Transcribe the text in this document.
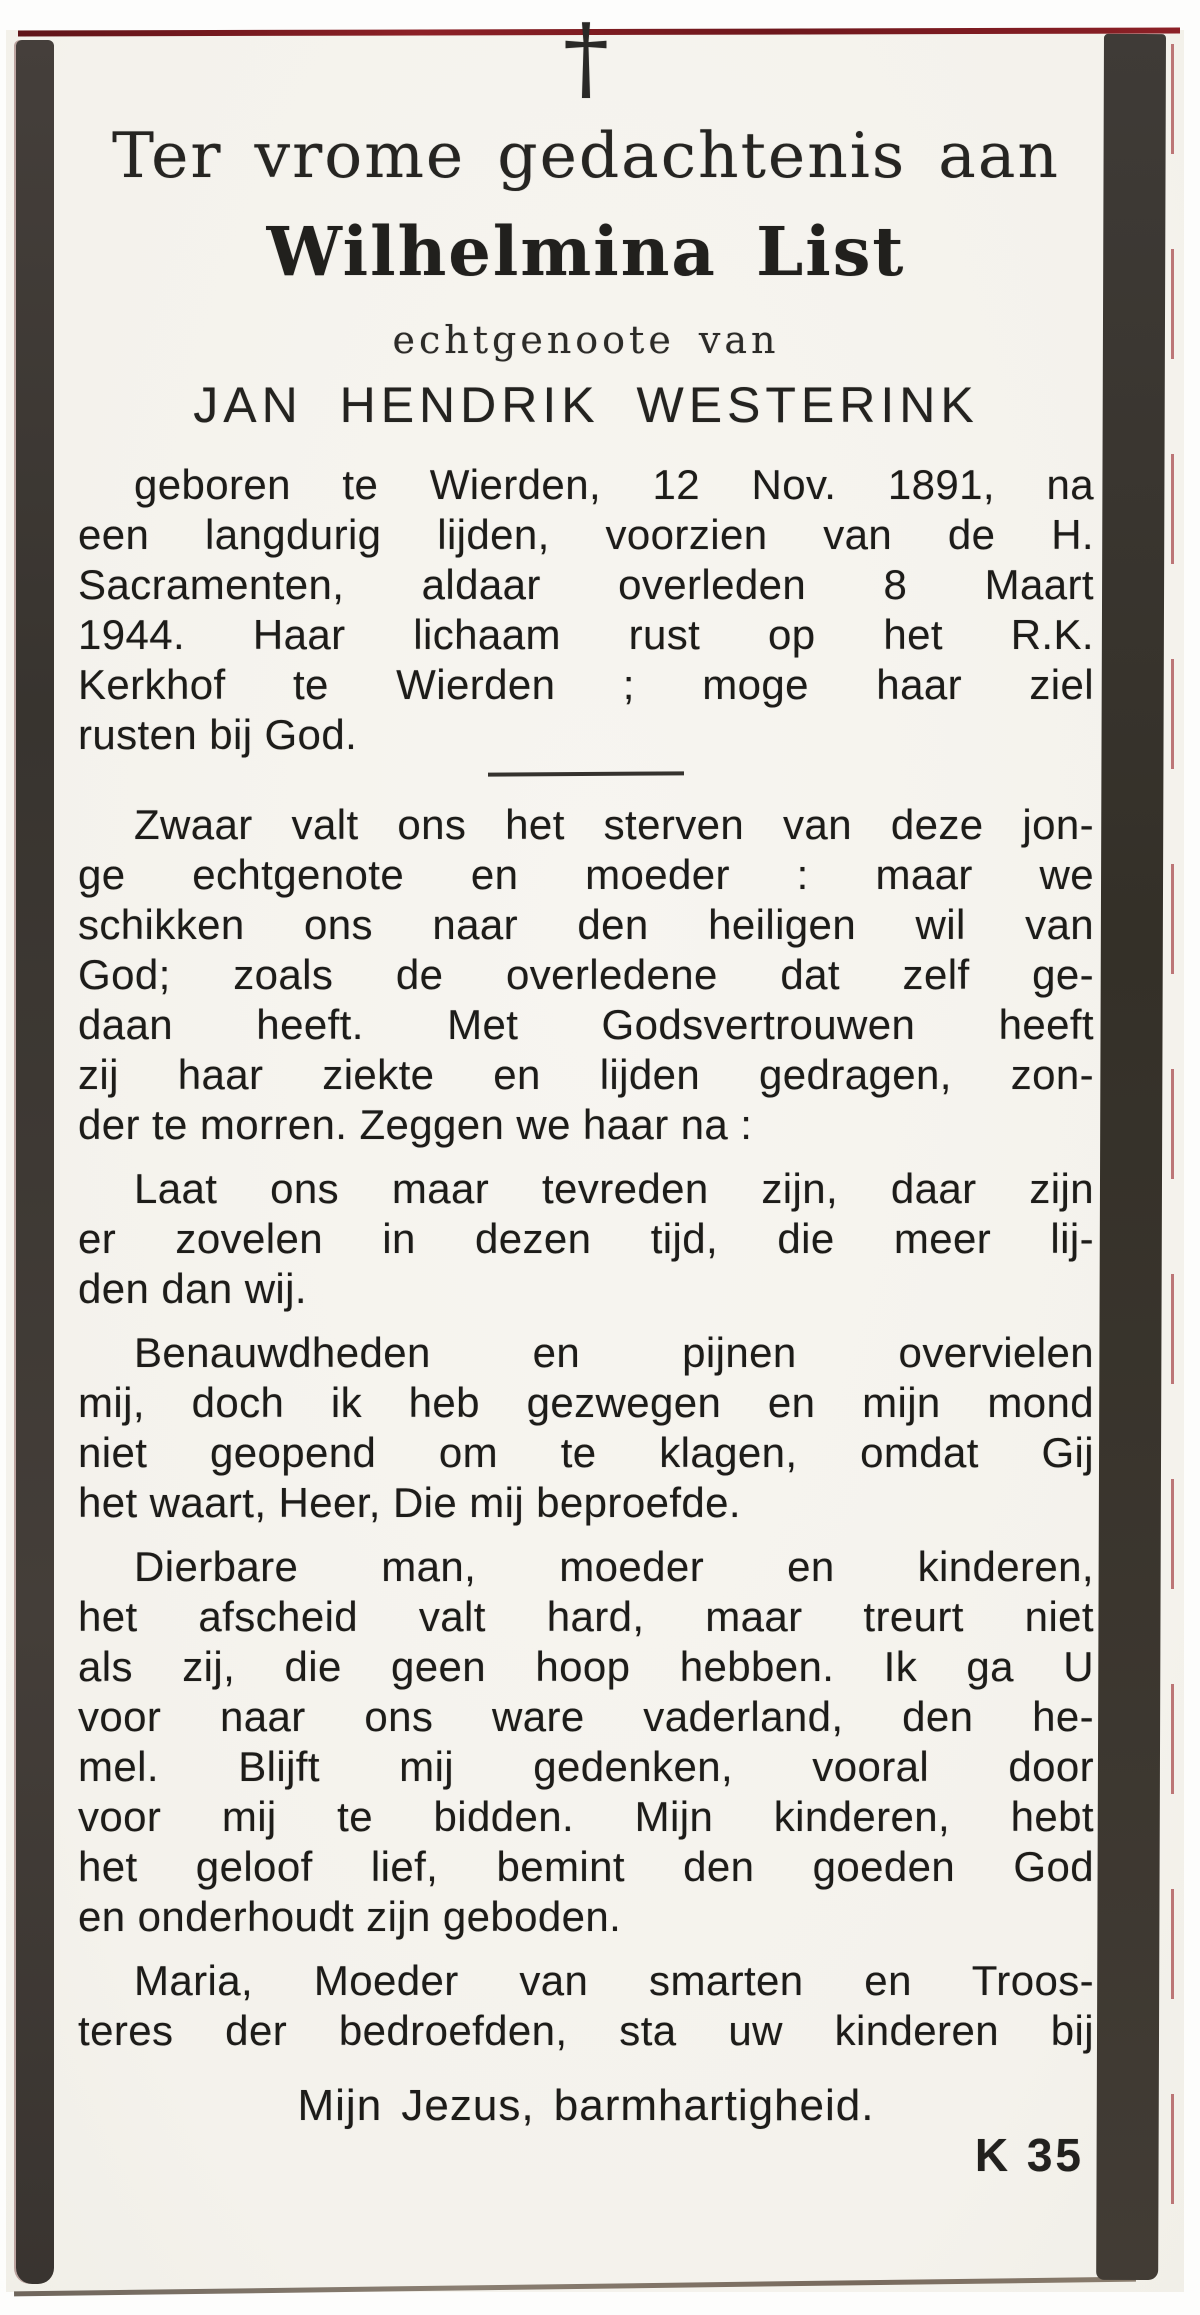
†
Ter vrome gedachtenis aan
Wilhelmina List
echtgenoote van
JAN HENDRIK WESTERINK
geboren te Wierden, 12 Nov. 1891, na
een langdurig lijden, voorzien van de H.
Sacramenten, aldaar overleden 8 Maart
1944. Haar lichaam rust op het R.K.
Kerkhof te Wierden ; moge haar ziel
rusten bij God.
Zwaar valt ons het sterven van deze jon-
ge echtgenote en moeder : maar we
schikken ons naar den heiligen wil van
God; zoals de overledene dat zelf ge-
daan heeft. Met Godsvertrouwen heeft
zij haar ziekte en lijden gedragen, zon-
der te morren. Zeggen we haar na :
Laat ons maar tevreden zijn, daar zijn
er zovelen in dezen tijd, die meer lij-
den dan wij.
Benauwdheden en pijnen overvielen
mij, doch ik heb gezwegen en mijn mond
niet geopend om te klagen, omdat Gij
het waart, Heer, Die mij beproefde.
Dierbare man, moeder en kinderen,
het afscheid valt hard, maar treurt niet
als zij, die geen hoop hebben. Ik ga U
voor naar ons ware vaderland, den he-
mel. Blijft mij gedenken, vooral door
voor mij te bidden. Mijn kinderen, hebt
het geloof lief, bemint den goeden God
en onderhoudt zijn geboden.
Maria, Moeder van smarten en Troos-
teres der bedroefden, sta uw kinderen bij
Mijn Jezus, barmhartigheid.
K 35
